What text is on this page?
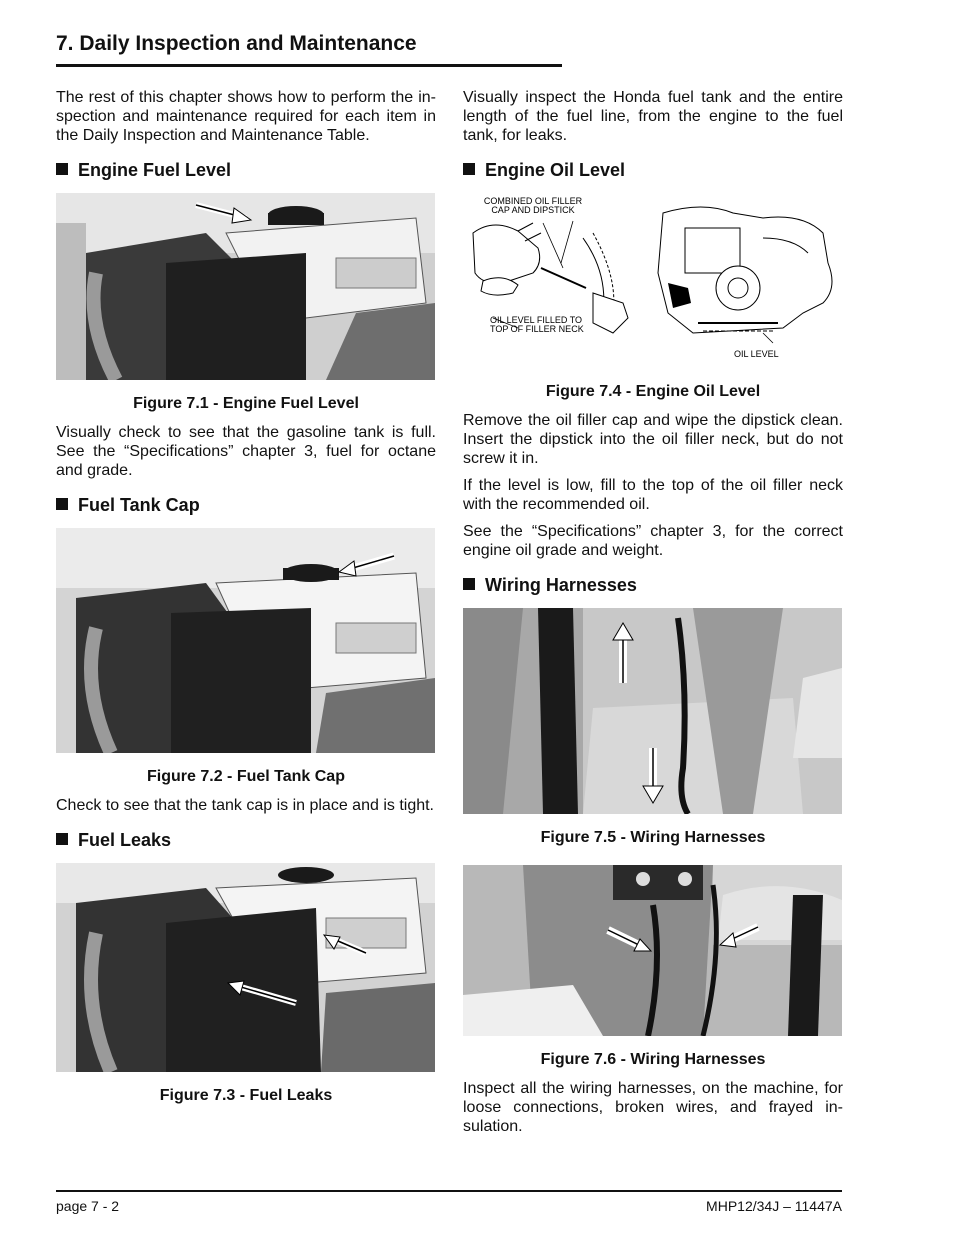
7. Daily Inspection and Maintenance

The rest of this chapter shows how to perform the in-spection and maintenance required for each item in the Daily Inspection and Maintenance Table.

Engine Fuel Level
Figure 7.1 - Engine Fuel Level

Visually check to see that the gasoline tank is full. See the “Specifications” chapter 3, fuel for octane and grade.

Fuel Tank Cap
Figure 7.2 - Fuel Tank Cap

Check to see that the tank cap is in place and is tight.

Fuel Leaks
Figure 7.3 - Fuel Leaks

Visually inspect the Honda fuel tank and the entire length of the fuel line, from the engine to the fuel tank, for leaks.

Engine Oil Level
COMBINED OIL FILLER
CAP AND DIPSTICK
OIL LEVEL FILLED TO
TOP OF FILLER NECK
OIL LEVEL
Figure 7.4 - Engine Oil Level

Remove the oil filler cap and wipe the dipstick clean. Insert the dipstick into the oil filler neck, but do not screw it in.

If the level is low, fill to the top of the oil filler neck with the recommended oil.

See the “Specifications” chapter 3, for the correct engine oil grade and weight.

Wiring Harnesses
Figure 7.5 - Wiring Harnesses
Figure 7.6 - Wiring Harnesses

Inspect all the wiring harnesses, on the machine, for loose connections, broken wires, and frayed in-sulation.

page 7 - 2	MHP12/34J – 11447A
